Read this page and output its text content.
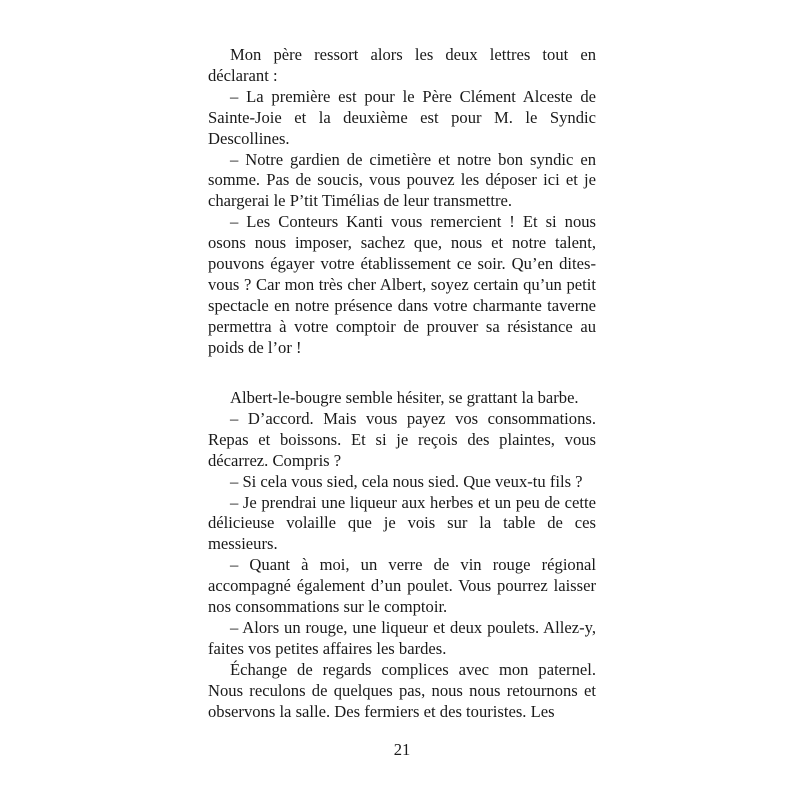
Mon père ressort alors les deux lettres tout en déclarant :

– La première est pour le Père Clément Alceste de Sainte-Joie et la deuxième est pour M. le Syndic Descollines.

– Notre gardien de cimetière et notre bon syndic en somme. Pas de soucis, vous pouvez les déposer ici et je chargerai le P’tit Timélias de leur transmettre.

– Les Conteurs Kanti vous remercient ! Et si nous osons nous imposer, sachez que, nous et notre talent, pouvons égayer votre établissement ce soir. Qu’en dites-vous ? Car mon très cher Albert, soyez certain qu’un petit spectacle en notre présence dans votre charmante taverne permettra à votre comptoir de prouver sa résistance au poids de l’or !

Albert-le-bougre semble hésiter, se grattant la barbe.

– D’accord. Mais vous payez vos consommations. Repas et boissons. Et si je reçois des plaintes, vous décarrez. Compris ?

– Si cela vous sied, cela nous sied. Que veux-tu fils ?

– Je prendrai une liqueur aux herbes et un peu de cette délicieuse volaille que je vois sur la table de ces messieurs.

– Quant à moi, un verre de vin rouge régional accompagné également d’un poulet. Vous pourrez laisser nos consommations sur le comptoir.

– Alors un rouge, une liqueur et deux poulets. Allez-y, faites vos petites affaires les bardes.

Échange de regards complices avec mon paternel. Nous reculons de quelques pas, nous nous retournons et observons la salle. Des fermiers et des touristes. Les

21
